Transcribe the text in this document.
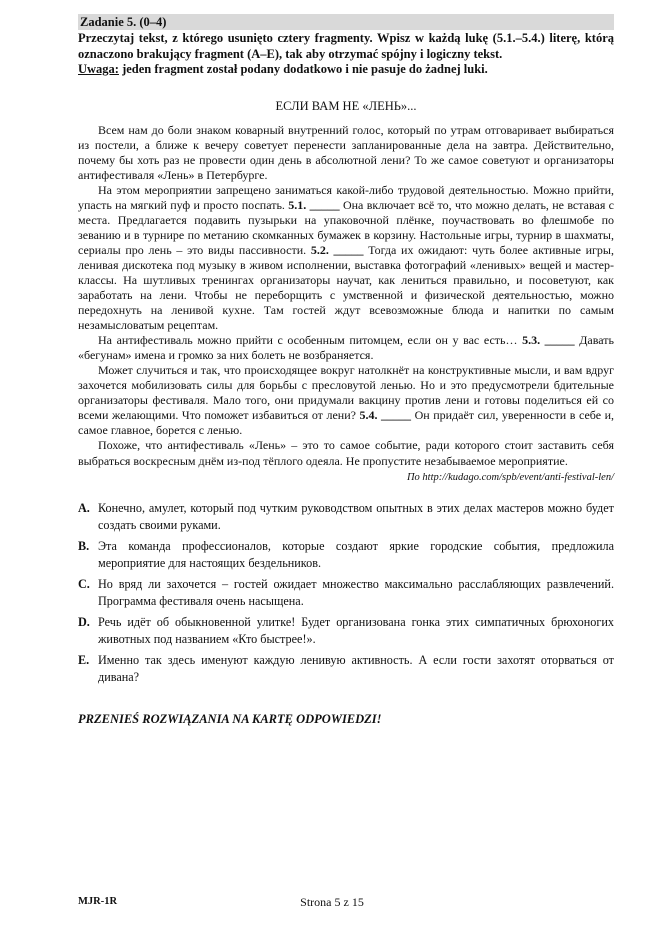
Zadanie 5. (0–4)
Przeczytaj tekst, z którego usunięto cztery fragmenty. Wpisz w każdą lukę (5.1.–5.4.) literę, którą oznaczono brakujący fragment (A–E), tak aby otrzymać spójny i logiczny tekst.
Uwaga: jeden fragment został podany dodatkowo i nie pasuje do żadnej luki.
ЕСЛИ ВАМ НЕ «ЛЕНЬ»...

Всем нам до боли знаком коварный внутренний голос, который по утрам отговаривает выбираться из постели, а ближе к вечеру советует перенести запланированные дела на завтра. Действительно, почему бы хоть раз не провести один день в абсолютной лени? То же самое советуют и организаторы антифестиваля «Лень» в Петербурге.

На этом мероприятии запрещено заниматься какой-либо трудовой деятельностью. Можно прийти, упасть на мягкий пуф и просто поспать. 5.1. _____ Она включает всё то, что можно делать, не вставая с места. Предлагается подавить пузырьки на упаковочной плёнке, поучаствовать во флешмобе по зеванию и в турнире по метанию скомканных бумажек в корзину. Настольные игры, турнир в шахматы, сериалы про лень – это виды пассивности. 5.2. _____ Тогда их ожидают: чуть более активные игры, ленивая дискотека под музыку в живом исполнении, выставка фотографий «ленивых» вещей и мастер-классы. На шутливых тренингах организаторы научат, как лениться правильно, и посоветуют, как заработать на лени. Чтобы не переборщить с умственной и физической деятельностью, можно передохнуть на ленивой кухне. Там гостей ждут всевозможные блюда и напитки по самым незамысловатым рецептам.

На антифестиваль можно прийти с особенным питомцем, если он у вас есть… 5.3. _____ Давать «бегунам» имена и громко за них болеть не возбраняется.

Может случиться и так, что происходящее вокруг натолкнёт на конструктивные мысли, и вам вдруг захочется мобилизовать силы для борьбы с пресловутой ленью. Но и это предусмотрели бдительные организаторы фестиваля. Мало того, они придумали вакцину против лени и готовы поделиться ей со всеми желающими. Что поможет избавиться от лени? 5.4. _____ Он придаёт сил, уверенности в себе и, самое главное, борется с ленью.

Похоже, что антифестиваль «Лень» – это то самое событие, ради которого стоит заставить себя выбраться воскресным днём из-под тёплого одеяла. Не пропустите незабываемое мероприятие.

По http://kudago.com/spb/event/anti-festival-len/
A. Конечно, амулет, который под чутким руководством опытных в этих делах мастеров можно будет создать своими руками.
B. Эта команда профессионалов, которые создают яркие городские события, предложила мероприятие для настоящих бездельников.
C. Но вряд ли захочется – гостей ожидает множество максимально расслабляющих развлечений. Программа фестиваля очень насыщена.
D. Речь идёт об обыкновенной улитке! Будет организована гонка этих симпатичных брюхоногих животных под названием «Кто быстрее!».
E. Именно так здесь именуют каждую ленивую активность. А если гости захотят оторваться от дивана?
PRZENIEŚ ROZWIĄZANIA NA KARTĘ ODPOWIEDZI!
MJR-1R	Strona 5 z 15
